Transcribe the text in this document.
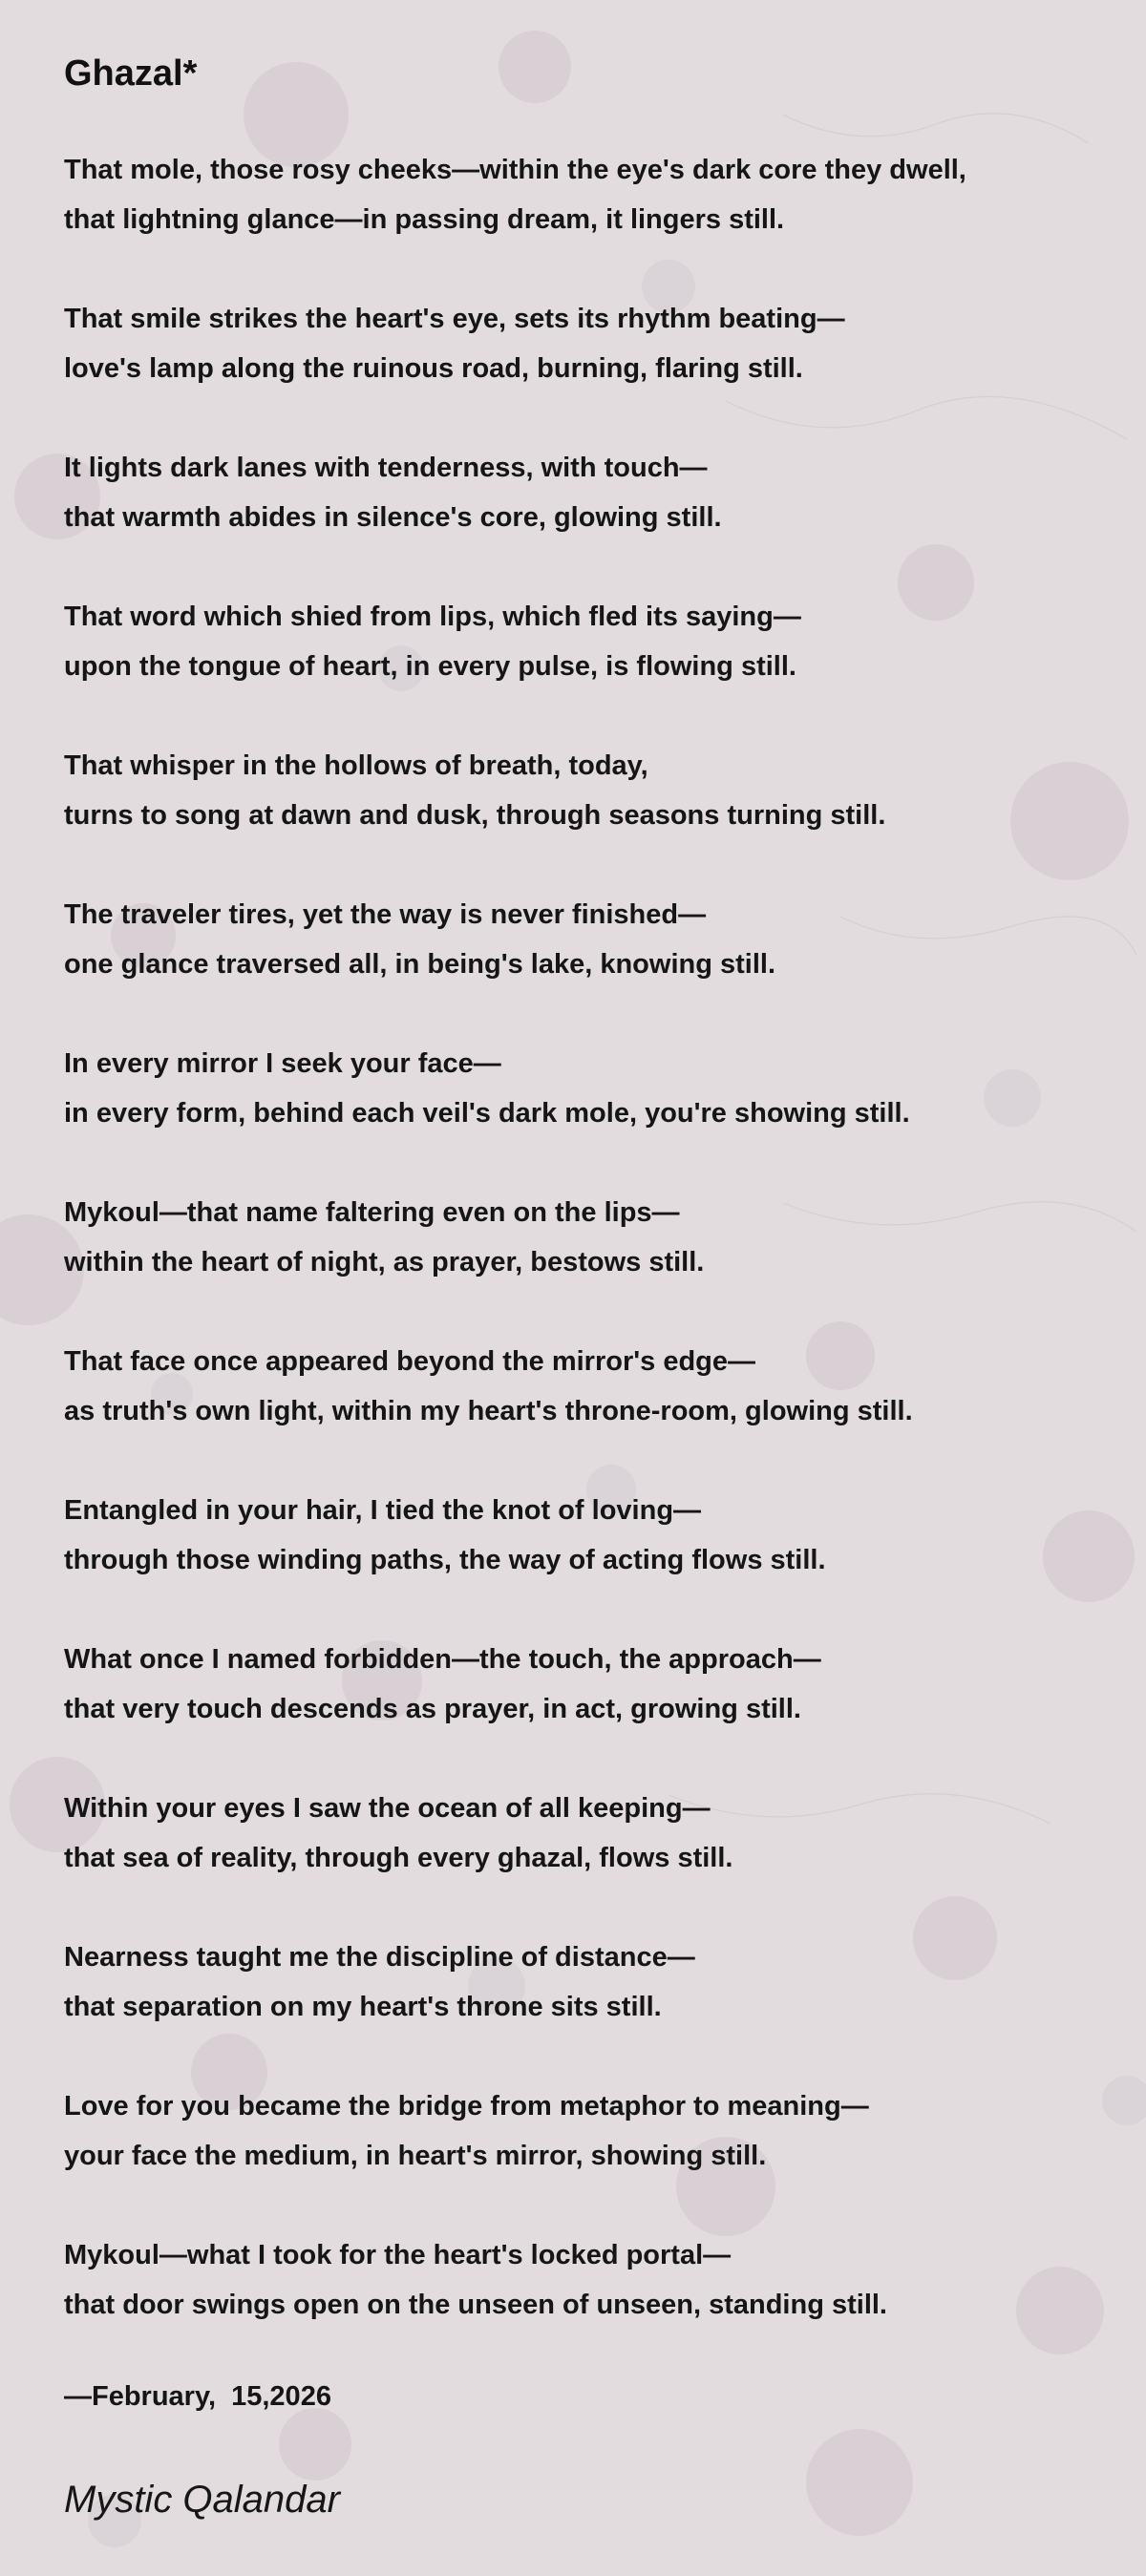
Ghazal*
That mole, those rosy cheeks—within the eye's dark core they dwell,
that lightning glance—in passing dream, it lingers still.
That smile strikes the heart's eye, sets its rhythm beating—
love's lamp along the ruinous road, burning, flaring still.
It lights dark lanes with tenderness, with touch—
that warmth abides in silence's core, glowing still.
That word which shied from lips, which fled its saying—
upon the tongue of heart, in every pulse, is flowing still.
That whisper in the hollows of breath, today,
turns to song at dawn and dusk, through seasons turning still.
The traveler tires, yet the way is never finished—
one glance traversed all, in being's lake, knowing still.
In every mirror I seek your face—
in every form, behind each veil's dark mole, you're showing still.
Mykoul—that name faltering even on the lips—
within the heart of night, as prayer, bestows still.
That face once appeared beyond the mirror's edge—
as truth's own light, within my heart's throne-room, glowing still.
Entangled in your hair, I tied the knot of loving—
through those winding paths, the way of acting flows still.
What once I named forbidden—the touch, the approach—
that very touch descends as prayer, in act, growing still.
Within your eyes I saw the ocean of all keeping—
that sea of reality, through every ghazal, flows still.
Nearness taught me the discipline of distance—
that separation on my heart's throne sits still.
Love for you became the bridge from metaphor to meaning—
your face the medium, in heart's mirror, showing still.
Mykoul—what I took for the heart's locked portal—
that door swings open on the unseen of unseen, standing still.
—February,  15,2026
Mystic Qalandar
